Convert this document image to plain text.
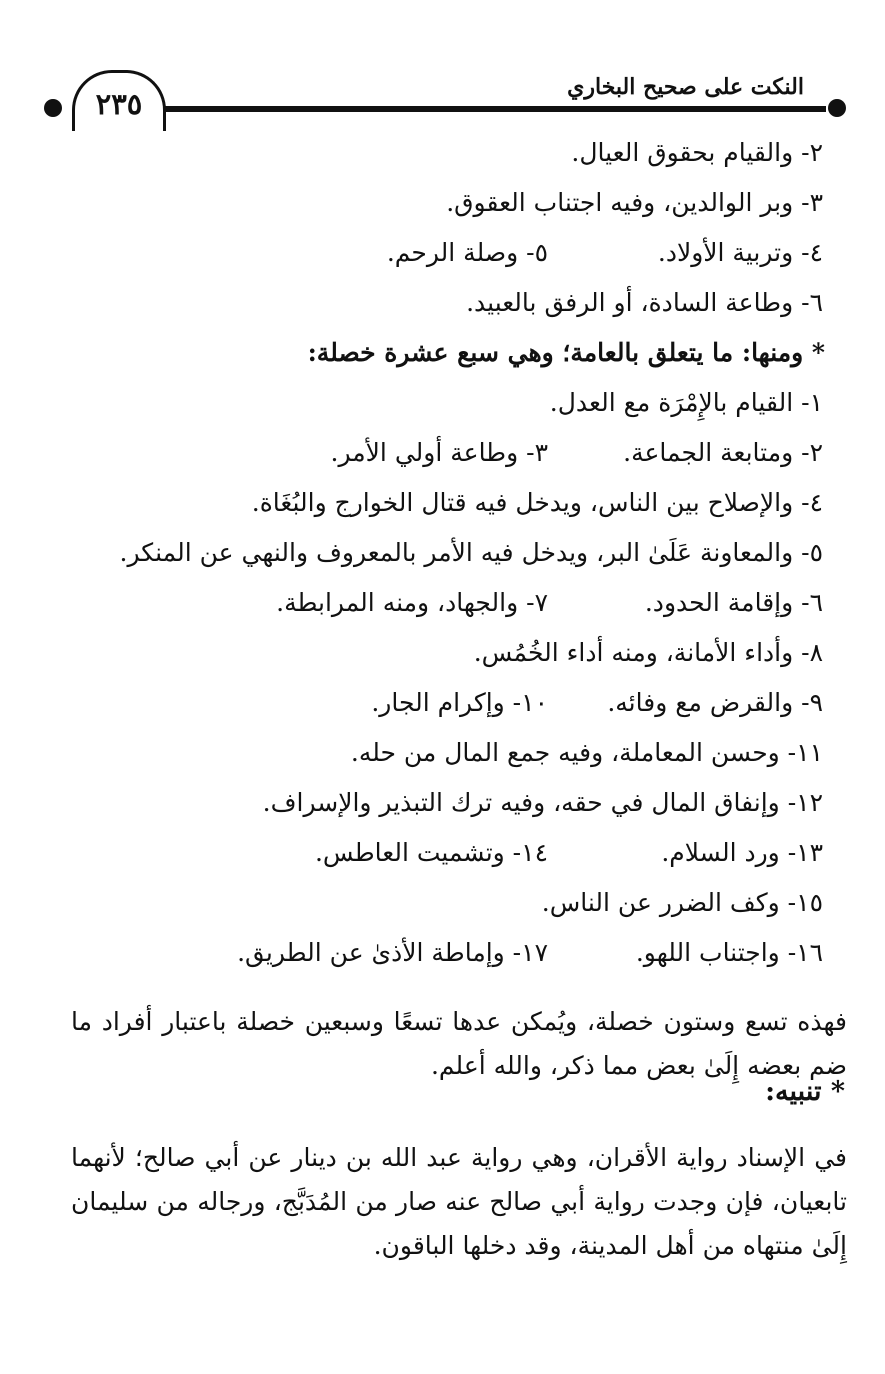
٢٣٥	النكت على صحيح البخاري
٢- والقيام بحقوق العيال.
٣- وبر الوالدين، وفيه اجتناب العقوق.
٤- وتربية الأولاد.
٥- وصلة الرحم.
٦- وطاعة السادة، أو الرفق بالعبيد.
* ومنها: ما يتعلق بالعامة؛ وهي سبع عشرة خصلة:
١- القيام بالإِمْرَة مع العدل.
٢- ومتابعة الجماعة.
٣- وطاعة أولي الأمر.
٤- والإصلاح بين الناس، ويدخل فيه قتال الخوارج والبُغَاة.
٥- والمعاونة عَلَىٰ البر، ويدخل فيه الأمر بالمعروف والنهي عن المنكر.
٦- وإقامة الحدود.
٧- والجهاد، ومنه المرابطة.
٨- وأداء الأمانة، ومنه أداء الخُمُس.
٩- والقرض مع وفائه.
١٠- وإكرام الجار.
١١- وحسن المعاملة، وفيه جمع المال من حله.
١٢- وإنفاق المال في حقه، وفيه ترك التبذير والإسراف.
١٣- ورد السلام.
١٤- وتشميت العاطس.
١٥- وكف الضرر عن الناس.
١٦- واجتناب اللهو.
١٧- وإماطة الأذىٰ عن الطريق.
فهذه تسع وستون خصلة، ويُمكن عدها تسعًا وسبعين خصلة باعتبار أفراد ما ضم بعضه إِلَىٰ بعض مما ذكر، والله أعلم.
* تنبيه:
في الإسناد رواية الأقران، وهي رواية عبد الله بن دينار عن أبي صالح؛ لأنهما تابعيان، فإن وجدت رواية أبي صالح عنه صار من المُدَبَّج، ورجاله من سليمان إِلَىٰ منتهاه من أهل المدينة، وقد دخلها الباقون.
